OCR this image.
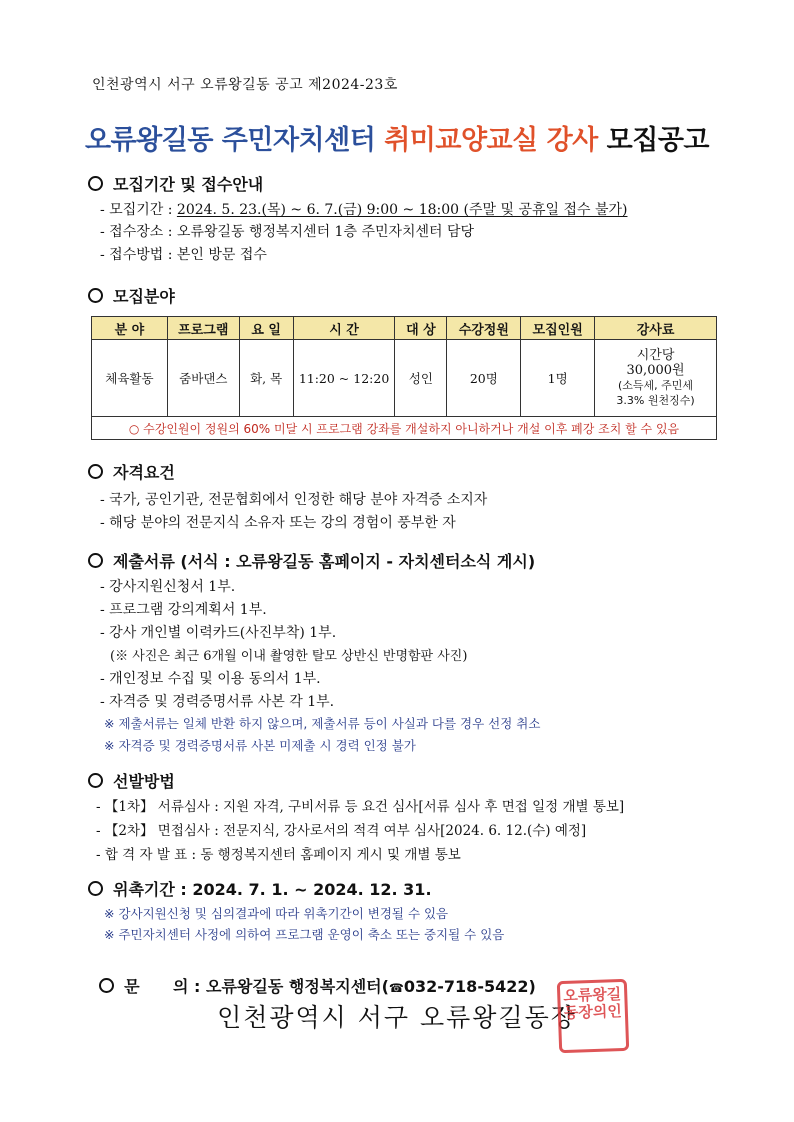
인천광역시 서구 오류왕길동 공고 제2024-23호
오류왕길동 주민자치센터 취미교양교실 강사 모집공고
모집기간 및 접수안내
- 모집기간 : 2024. 5. 23.(목) ~ 6. 7.(금) 9:00 ~ 18:00 (주말 및 공휴일 접수 불가)
- 접수장소 : 오류왕길동 행정복지센터 1층 주민자치센터 담당
- 접수방법 : 본인 방문 접수
모집분야
분 야	프로그램	요 일	시 간	대 상	수강정원	모집인원	강사료
체육활동	줌바댄스	화, 목	11:20 ~ 12:20	성인	20명	1명	시간당
30,000원
(소득세, 주민세
3.3% 원천징수)

○ 수강인원이 정원의 60% 미달 시 프로그램 강좌를 개설하지 아니하거나 개설 이후 폐강 조치 할 수 있음							
자격요건
- 국가, 공인기관, 전문협회에서 인정한 해당 분야 자격증 소지자
- 해당 분야의 전문지식 소유자 또는 강의 경험이 풍부한 자
제출서류 (서식 : 오류왕길동 홈페이지 - 자치센터소식 게시)
- 강사지원신청서 1부.
- 프로그램 강의계획서 1부.
- 강사 개인별 이력카드(사진부착) 1부.
(※ 사진은 최근 6개월 이내 촬영한 탈모 상반신 반명함판 사진)
- 개인정보 수집 및 이용 동의서 1부.
- 자격증 및 경력증명서류 사본 각 1부.
※ 제출서류는 일체 반환 하지 않으며, 제출서류 등이 사실과 다를 경우 선정 취소
※ 자격증 및 경력증명서류 사본 미제출 시 경력 인정 불가
선발방법
- 【1차】 서류심사 : 지원 자격, 구비서류 등 요건 심사[서류 심사 후 면접 일정 개별 통보]
- 【2차】 면접심사 : 전문지식, 강사로서의 적격 여부 심사[2024. 6. 12.(수) 예정]
- 합 격 자 발 표 : 동 행정복지센터 홈페이지 게시 및 개별 통보
위촉기간 : 2024. 7. 1. ~ 2024. 12. 31.
※ 강사지원신청 및 심의결과에 따라 위촉기간이 변경될 수 있음
※ 주민자치센터 사정에 의하여 프로그램 운영이 축소 또는 중지될 수 있음

문      의 : 오류왕길동 행정복지센터(☎032-718-5422)

인천광역시 서구 오류왕길동장
오류왕길
동장의인
